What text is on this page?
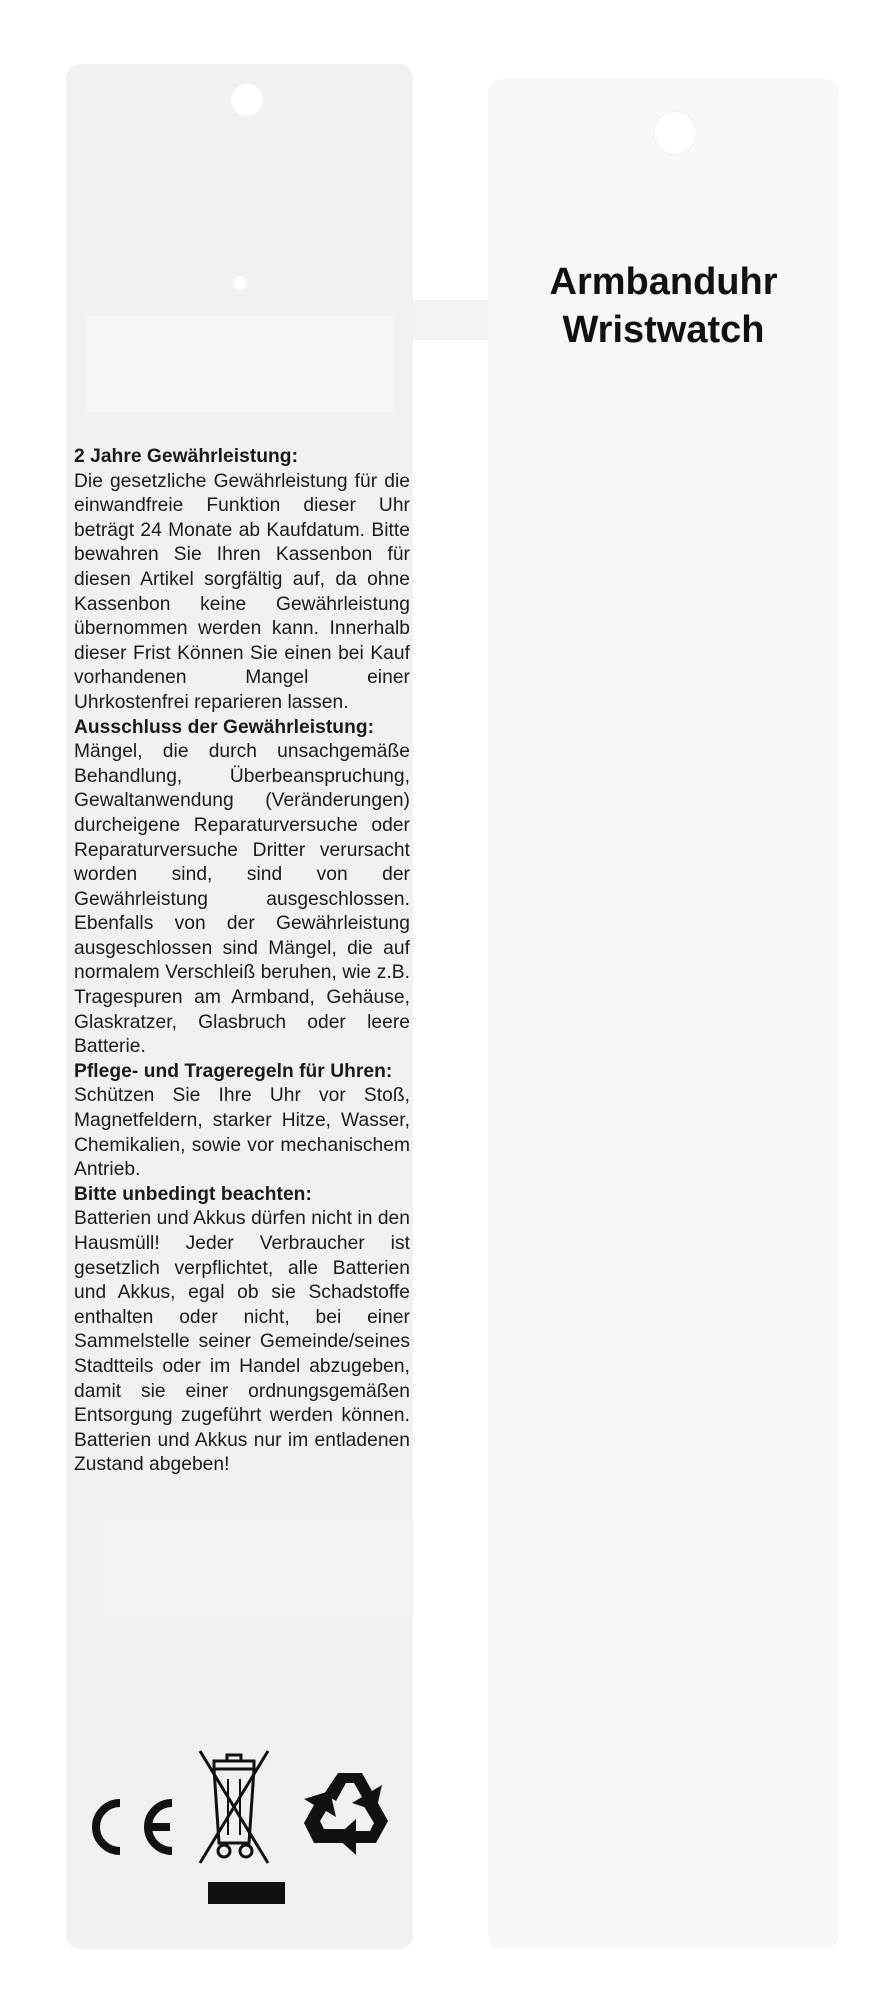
Armbanduhr
Wristwatch

2 Jahre Gewährleistung:

Die gesetzliche Gewährleistung für die einwandfreie Funktion dieser Uhr beträgt 24 Monate ab Kaufdatum. Bitte bewahren Sie Ihren Kassenbon für diesen Artikel sorgfältig auf, da ohne Kassenbon keine Gewährleistung übernommen werden kann. Innerhalb dieser Frist Können Sie einen bei Kauf vorhandenen Mangel einer Uhrkostenfrei reparieren lassen.

Ausschluss der Gewährleistung:

Mängel, die durch unsachgemäße Behandlung, Überbeanspruchung, Gewaltanwendung (Veränderungen) durcheigene Reparaturversuche oder Reparaturversuche Dritter verursacht worden sind, sind von der Gewährleistung ausgeschlossen. Ebenfalls von der Gewährleistung ausgeschlossen sind Mängel, die auf normalem Verschleiß beruhen, wie z.B. Tragespuren am Armband, Gehäuse, Glaskratzer, Glasbruch oder leere Batterie.

Pflege- und Trageregeln für Uhren:

Schützen Sie Ihre Uhr vor Stoß, Magnetfeldern, starker Hitze, Wasser, Chemikalien, sowie vor mechanischem Antrieb.

Bitte unbedingt beachten:

Batterien und Akkus dürfen nicht in den Hausmüll! Jeder Verbraucher ist gesetzlich verpflichtet, alle Batterien und Akkus, egal ob sie Schadstoffe enthalten oder nicht, bei einer Sammelstelle seiner Gemeinde/seines Stadtteils oder im Handel abzugeben, damit sie einer ordnungsgemäßen Entsorgung zugeführt werden können. Batterien und Akkus nur im entladenen Zustand abgeben!
